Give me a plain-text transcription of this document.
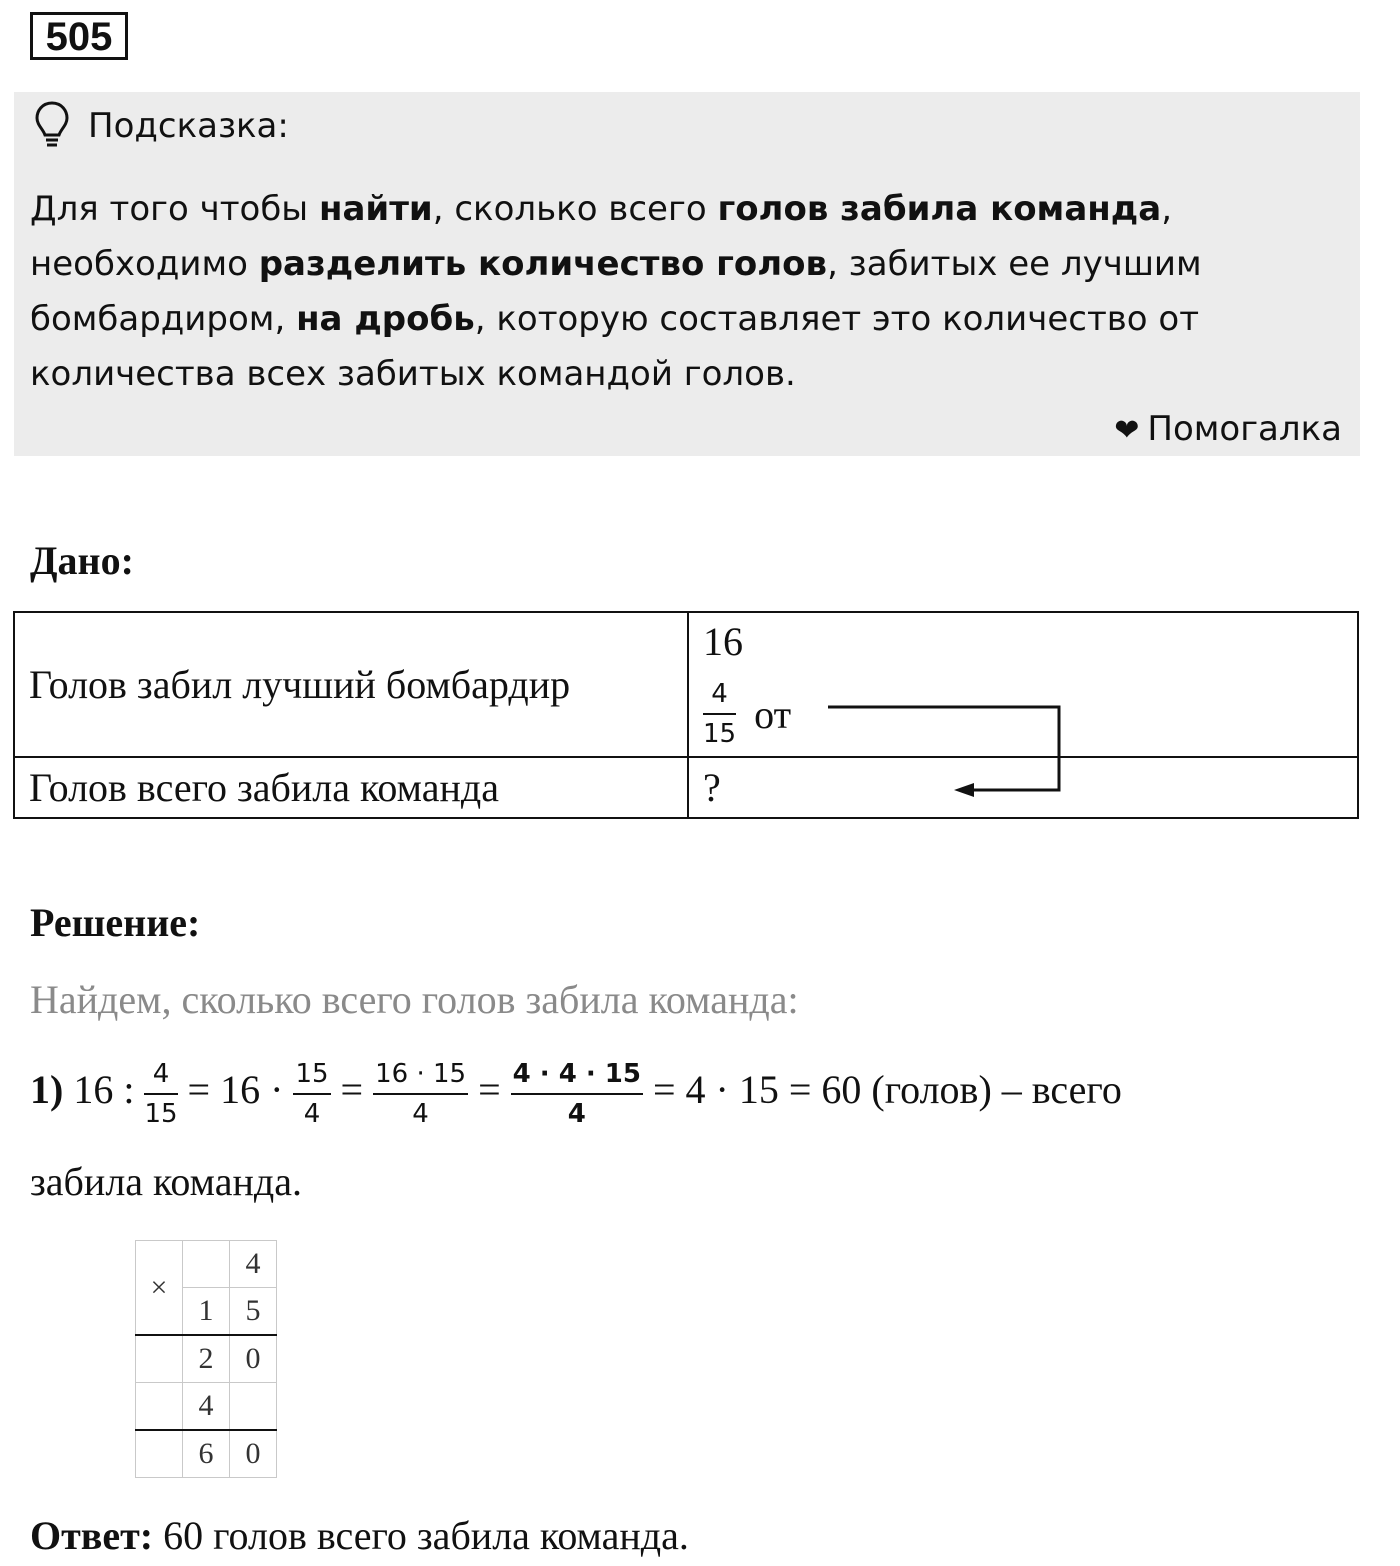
505
Подсказка:
Для того чтобы найти, сколько всего голов забила команда, необходимо разделить количество голов, забитых ее лучшим бомбардиром, на дробь, которую составляет это количество от количества всех забитых командой голов.
❤ Помогалка
Дано:
Голов забил лучший бомбардир	16
$\frac{4}{15}$ от

Голов всего забила команда	?
Решение:
Найдем, сколько всего голов забила команда:
1) 16 : $\frac{4}{15} = 16 \cdot \frac{15}{4} = \frac{16 \cdot 15}{4} = \frac{4 \cdot 4 \cdot 15}{4} = 4 \cdot 15 = 60$ (голов) – всего
забила команда.
×		4
	1	5
	2	0
	4	
	6	0
Ответ: 60 голов всего забила команда.
